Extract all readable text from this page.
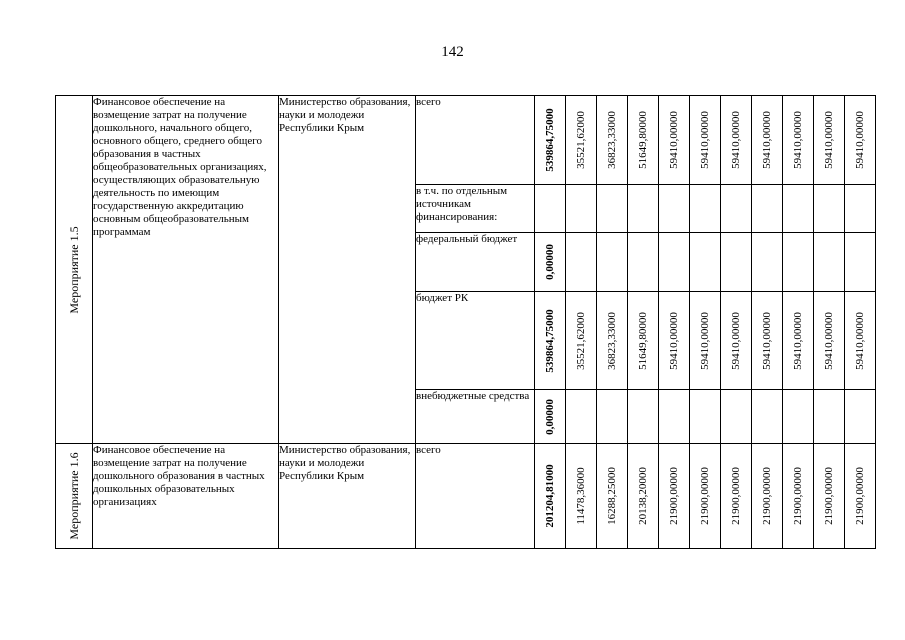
142
Мероприятие 1.5	Финансовое обеспечение на возмещение затрат на получение дошкольного, начального общего, основного общего, среднего общего образования в частных общеобразовательных организациях, осуществляющих образовательную деятельность по имеющим государственную аккредитацию основным общеобразовательным программам	Министерство образования, науки и молодежи Республики Крым	всего	539864,75000	35521,62000	36823,33000	51649,80000	59410,00000	59410,00000	59410,00000	59410,00000	59410,00000	59410,00000	59410,00000

			в т.ч. по отдельным источникам финансирования:											
			федеральный бюджет	0,00000										

			бюджет РК	539864,75000	35521,62000	36823,33000	51649,80000	59410,00000	59410,00000	59410,00000	59410,00000	59410,00000	59410,00000	59410,00000

			внебюджетные средства	0,00000										

Мероприятие 1.6	Финансовое обеспечение на возмещение затрат на получение дошкольного образования в частных дошкольных образовательных организациях	Министерство образования, науки и молодежи Республики Крым	всего	201204,81000	11478,36000	16288,25000	20138,20000	21900,00000	21900,00000	21900,00000	21900,00000	21900,00000	21900,00000	21900,00000
